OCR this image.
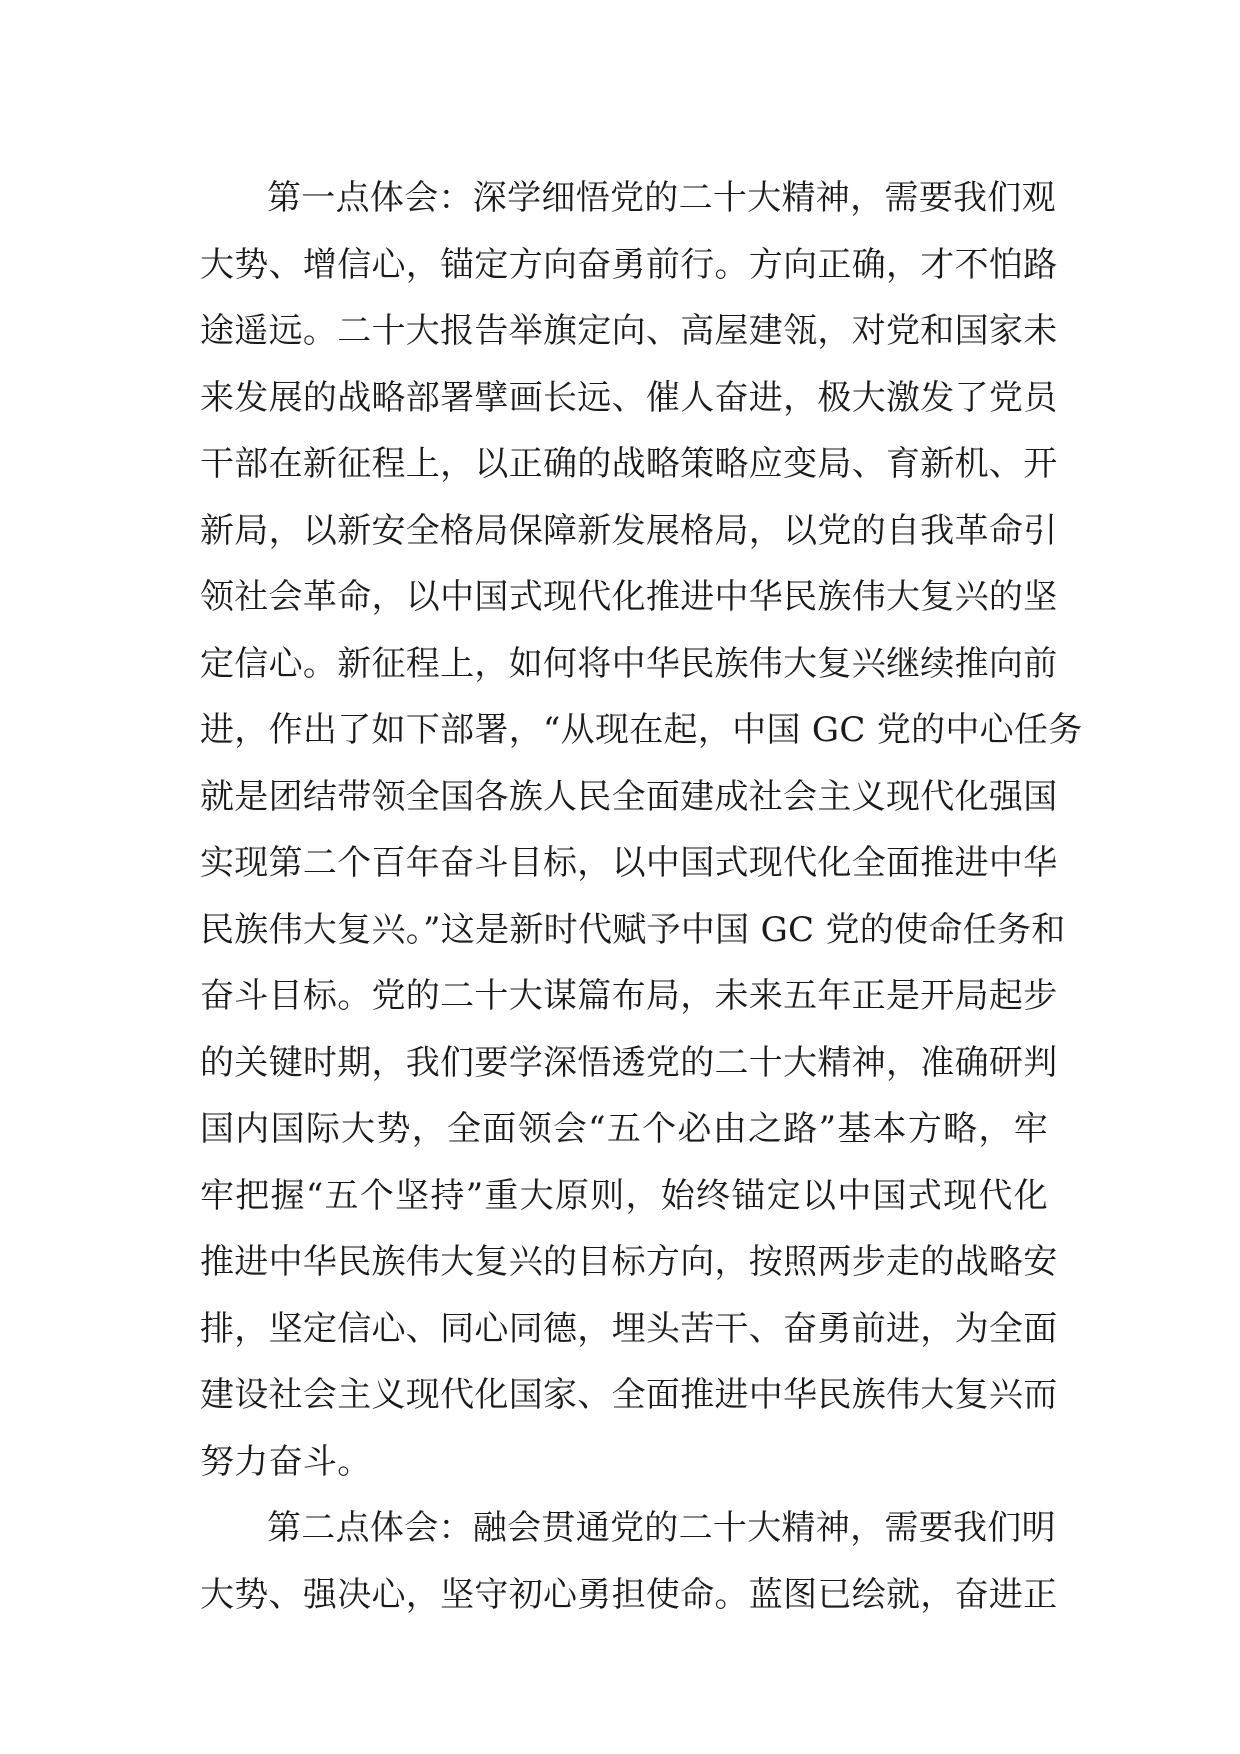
第一点体会：深学细悟党的二十大精神，需要我们观
大势、增信心，锚定方向奋勇前行。方向正确，才不怕路
途遥远。二十大报告举旗定向、高屋建瓴，对党和国家未
来发展的战略部署擘画长远、催人奋进，极大激发了党员
干部在新征程上，以正确的战略策略应变局、育新机、开
新局，以新安全格局保障新发展格局，以党的自我革命引
领社会革命，以中国式现代化推进中华民族伟大复兴的坚
定信心。新征程上，如何将中华民族伟大复兴继续推向前
进，作出了如下部署，“从现在起，中国 GC 党的中心任务
就是团结带领全国各族人民全面建成社会主义现代化强国
实现第二个百年奋斗目标，以中国式现代化全面推进中华
民族伟大复兴。”这是新时代赋予中国 GC 党的使命任务和
奋斗目标。党的二十大谋篇布局，未来五年正是开局起步
的关键时期，我们要学深悟透党的二十大精神，准确研判
国内国际大势，全面领会“五个必由之路”基本方略，牢
牢把握“五个坚持”重大原则，始终锚定以中国式现代化
推进中华民族伟大复兴的目标方向，按照两步走的战略安
排，坚定信心、同心同德，埋头苦干、奋勇前进，为全面
建设社会主义现代化国家、全面推进中华民族伟大复兴而
努力奋斗。
第二点体会：融会贯通党的二十大精神，需要我们明
大势、强决心，坚守初心勇担使命。蓝图已绘就，奋进正
